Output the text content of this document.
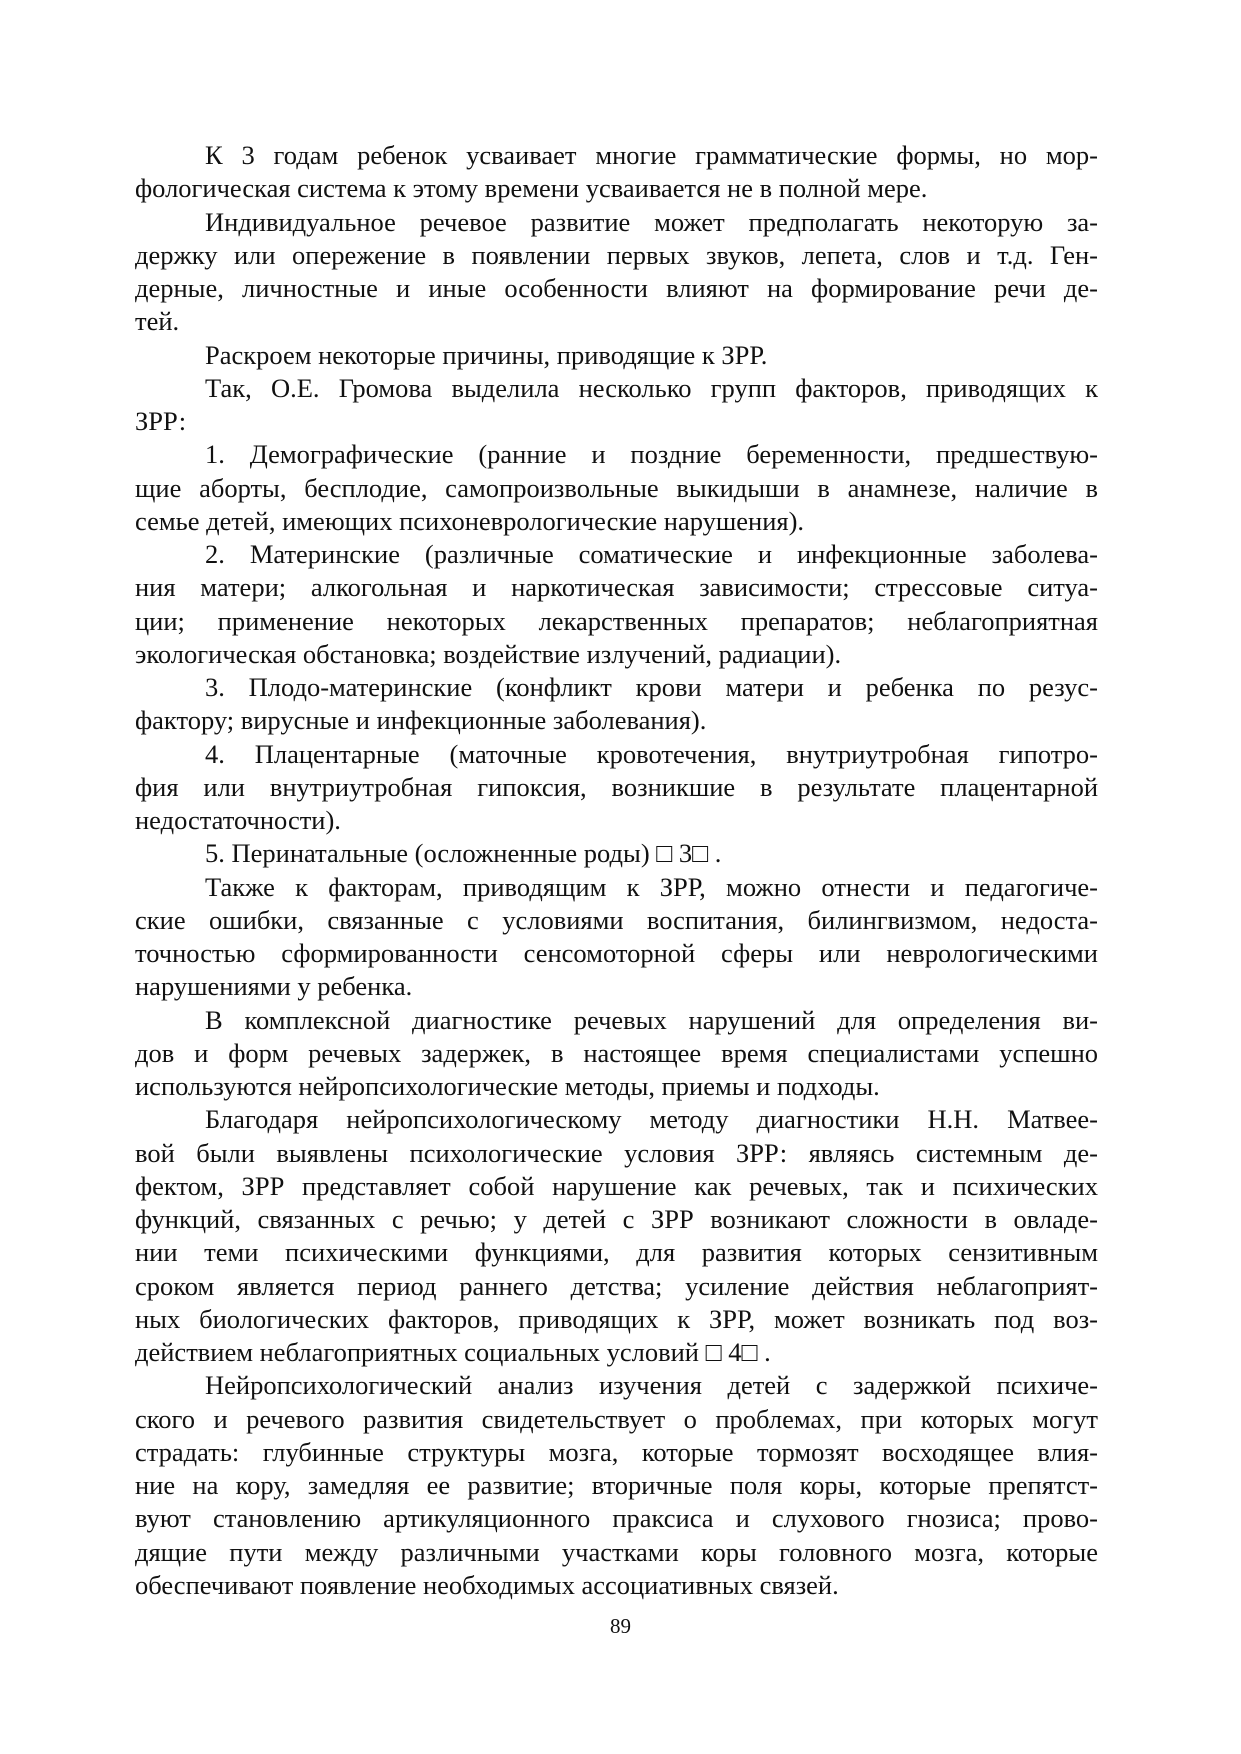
К 3 годам ребенок усваивает многие грамматические формы, но мор-
фологическая система к этому времени усваивается не в полной мере.
Индивидуальное речевое развитие может предполагать некоторую за-
держку или опережение в появлении первых звуков, лепета, слов и т.д. Ген-
дерные, личностные и иные особенности влияют на формирование речи де-
тей.
Раскроем некоторые причины, приводящие к ЗРР.
Так, О.Е. Громова выделила несколько групп факторов, приводящих к
ЗРР:
1. Демографические (ранние и поздние беременности, предшествую-
щие аборты, бесплодие, самопроизвольные выкидыши в анамнезе, наличие в
семье детей, имеющих психоневрологические нарушения).
2. Материнские (различные соматические и инфекционные заболева-
ния матери; алкогольная и наркотическая зависимости; стрессовые ситуа-
ции; применение некоторых лекарственных препаратов; неблагоприятная
экологическая обстановка; воздействие излучений, радиации).
3. Плодо-материнские (конфликт крови матери и ребенка по резус-
фактору; вирусные и инфекционные заболевания).
4. Плацентарные (маточные кровотечения, внутриутробная гипотро-
фия или внутриутробная гипоксия, возникшие в результате плацентарной
недостаточности).
5. Перинатальные (осложненные роды) □ 3□ .
Также к факторам, приводящим к ЗРР, можно отнести и педагогиче-
ские ошибки, связанные с условиями воспитания, билингвизмом, недоста-
точностью сформированности сенсомоторной сферы или неврологическими
нарушениями у ребенка.
В комплексной диагностике речевых нарушений для определения ви-
дов и форм речевых задержек, в настоящее время специалистами успешно
используются нейропсихологические методы, приемы и подходы.
Благодаря нейропсихологическому методу диагностики Н.Н. Матвее-
вой были выявлены психологические условия ЗРР: являясь системным де-
фектом, ЗРР представляет собой нарушение как речевых, так и психических
функций, связанных с речью; у детей с ЗРР возникают сложности в овладе-
нии теми психическими функциями, для развития которых сензитивным
сроком является период раннего детства; усиление действия неблагоприят-
ных биологических факторов, приводящих к ЗРР, может возникать под воз-
действием неблагоприятных социальных условий □ 4□ .
Нейропсихологический анализ изучения детей с задержкой психиче-
ского и речевого развития свидетельствует о проблемах, при которых могут
страдать: глубинные структуры мозга, которые тормозят восходящее влия-
ние на кору, замедляя ее развитие; вторичные поля коры, которые препятст-
вуют становлению артикуляционного праксиса и слухового гнозиса; прово-
дящие пути между различными участками коры головного мозга, которые
обеспечивают появление необходимых ассоциативных связей.
89
